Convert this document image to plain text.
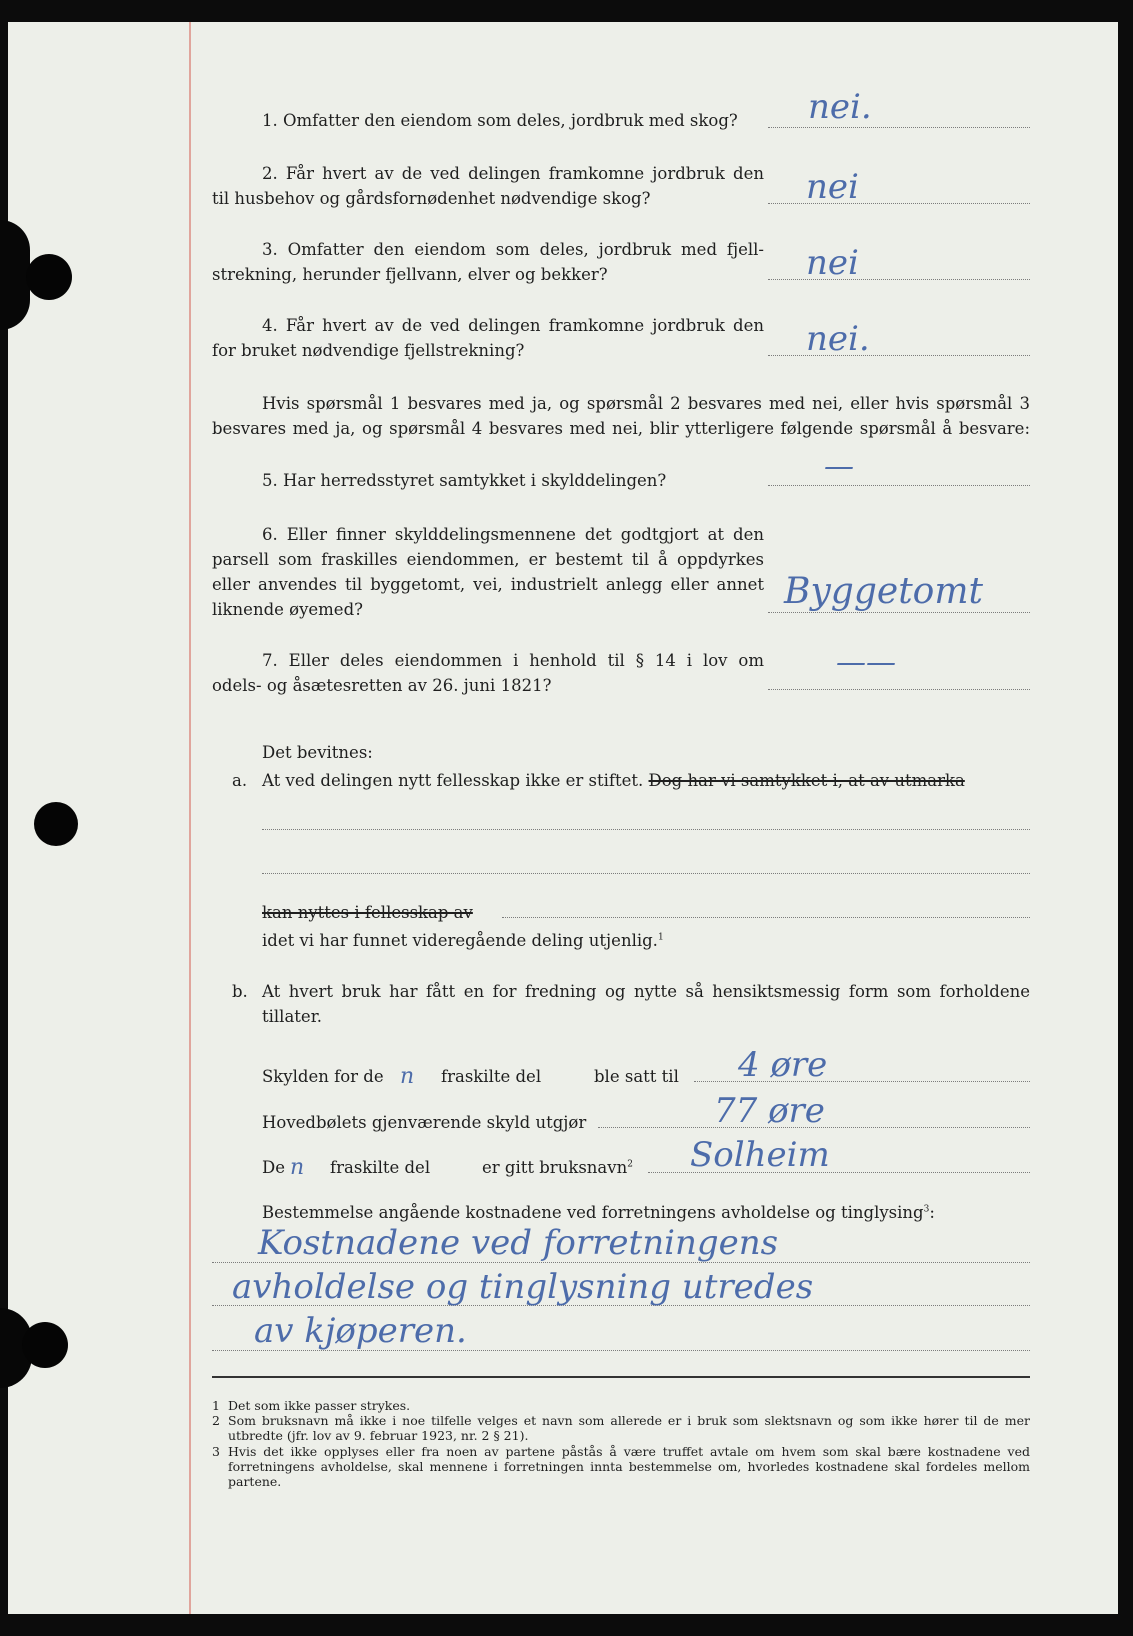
1. Omfatter den eiendom som deles, jordbruk med skog? nei.
2. Får hvert av de ved delingen framkomne jordbruk den
til husbehov og gårdsfornødenhet nødvendige skog?	nei
3. Omfatter den eiendom som deles, jordbruk med fjell-
strekning, herunder fjellvann, elver og bekker?	nei
4. Får hvert av de ved delingen framkomne jordbruk den
for bruket nødvendige fjellstrekning?	nei.
Hvis spørsmål 1 besvares med ja, og spørsmål 2 besvares med nei, eller hvis spørsmål 3
besvares med ja, og spørsmål 4 besvares med nei, blir ytterligere følgende spørsmål å besvare:
5. Har herredsstyret samtykket i skylddelingen?	—
6. Eller finner skylddelingsmennene det godtgjort at den
parsell som fraskilles eiendommen, er bestemt til å oppdyrkes
eller anvendes til byggetomt, vei, industrielt anlegg eller annet
liknende øyemed?	Byggetomt
7. Eller deles eiendommen i henhold til § 14 i lov om
odels- og åsætesretten av 26. juni 1821?
——
Det bevitnes:
a. At ved delingen nytt fellesskap ikke er stiftet. Dog har vi samtykket i, at av utmarka
kan nyttes i fellesskap av
idet vi har funnet videregående deling utjenlig.$^1$
b. At hvert bruk har fått en for fredning og nytte så hensiktsmessig form som forholdene
tillater.
Skylden for de n fraskilte del	ble satt til 4 øre
Hovedbølets gjenværende skyld utgjør	77 øre
De n fraskilte del	er gitt bruksnavn$^2$ Solheim
Bestemmelse angående kostnadene ved forretningens avholdelse og tinglysing$^3$:
Kostnadene ved forretningens
avholdelse og tinglysning utredes
av kjøperen.
1 Det som ikke passer strykes.
2 Som bruksnavn må ikke i noe tilfelle velges et navn som allerede er i bruk som slektsnavn og som ikke hører til de mer utbredte (jfr. lov av 9. februar 1923, nr. 2 § 21).
3 Hvis det ikke opplyses eller fra noen av partene påstås å være truffet avtale om hvem som skal bære kostnadene ved forretningens avholdelse, skal mennene i forretningen innta bestemmelse om, hvorledes kostnadene skal fordeles mellom partene.
